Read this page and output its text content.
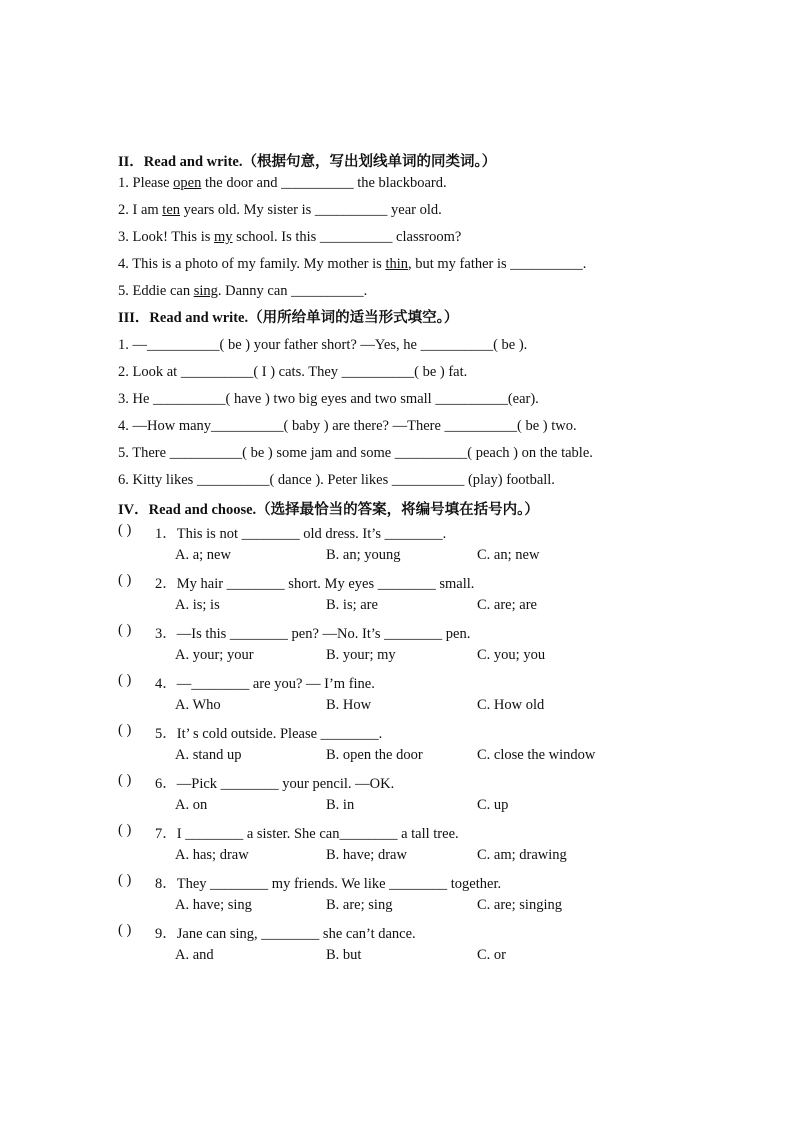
II．Read and write.（根据句意，写出划线单词的同类词。）
1. Please open the door and __________ the blackboard.
2. I am ten years old. My sister is __________ year old.
3. Look! This is my school. Is this __________ classroom?
4. This is a photo of my family. My mother is thin, but my father is __________.
5. Eddie can sing. Danny can __________.
III．Read and write.（用所给单词的适当形式填空。）
1. —__________( be ) your father short? —Yes, he __________( be ).
2. Look at __________( I ) cats. They __________( be ) fat.
3. He __________( have ) two big eyes and two small __________(ear).
4. —How many__________( baby ) are there? —There __________( be ) two.
5. There __________( be ) some jam and some __________( peach ) on the table.
6. Kitty likes __________( dance ). Peter likes __________ (play) football.
IV．Read and choose.（选择最恰当的答案，将编号填在括号内。）
( ) 1．This is not ________ old dress. It’s ________.
A. a; new	B. an; young	C. an; new
( ) 2．My hair ________ short. My eyes ________ small.
A. is; is	B. is; are	C. are; are
( ) 3．—Is this ________ pen? —No. It’s ________ pen.
A. your; your	B. your; my	C. you; you
( ) 4．—________ are you? — I’m fine.
A. Who	B. How	C. How old
( ) 5．It’ s cold outside. Please ________.
A. stand up	B. open the door	C. close the window
( ) 6．—Pick ________ your pencil. —OK.
A. on	B. in	C. up
( ) 7．I ________ a sister. She can________ a tall tree.
A. has; draw	B. have; draw	C. am; drawing
( ) 8．They ________ my friends. We like ________ together.
A. have; sing	B. are; sing	C. are; singing
( ) 9．Jane can sing, ________ she can’t dance.
A. and	B. but	C. or
